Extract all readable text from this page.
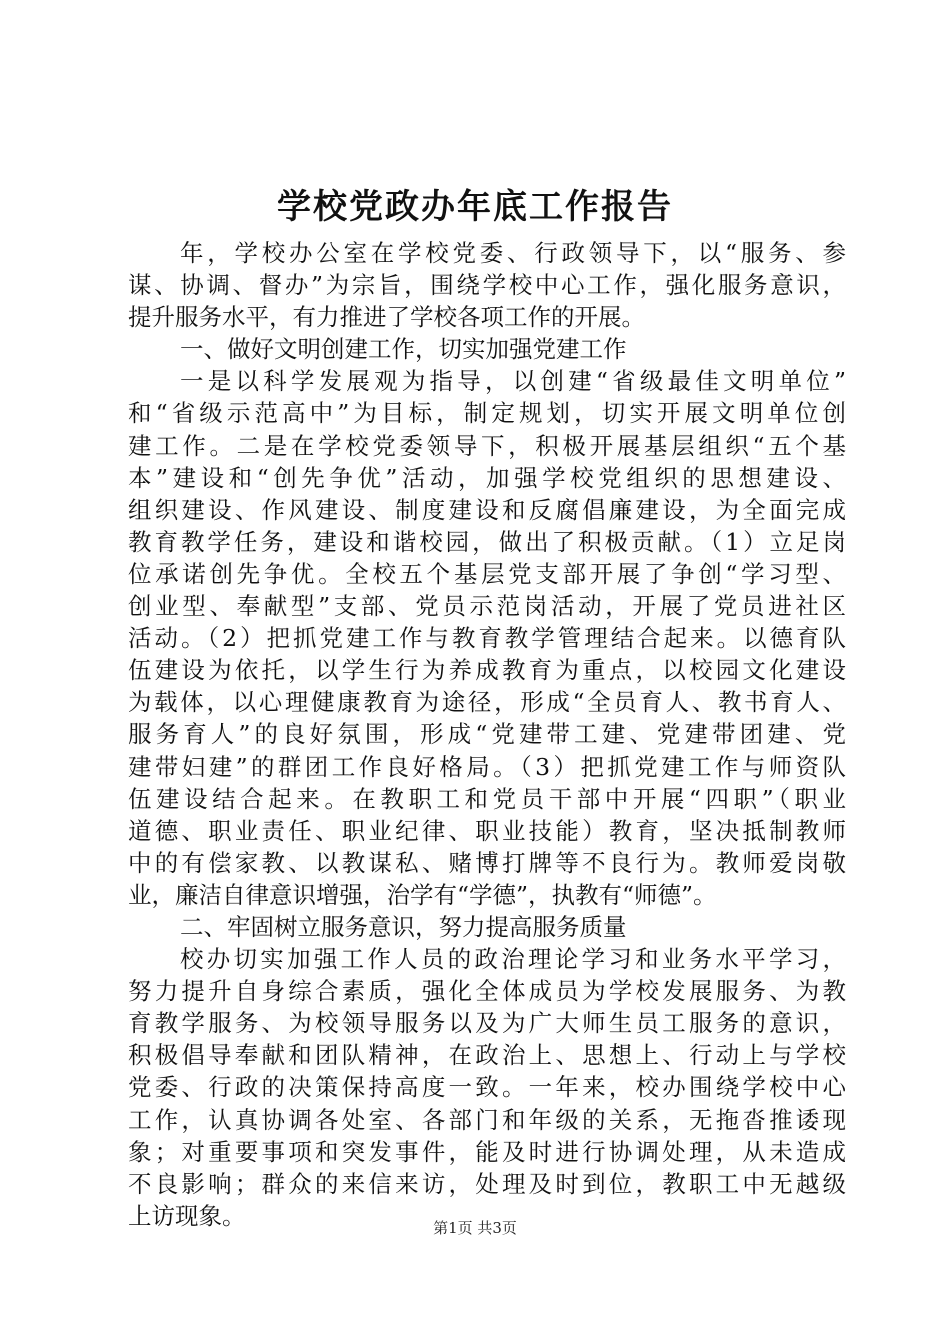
学校党政办年底工作报告
年，学校办公室在学校党委、行政领导下，以“服务、参
谋、协调、督办”为宗旨，围绕学校中心工作，强化服务意识，
提升服务水平，有力推进了学校各项工作的开展。
一、做好文明创建工作，切实加强党建工作
一是以科学发展观为指导，以创建“省级最佳文明单位”
和“省级示范高中”为目标，制定规划，切实开展文明单位创
建工作。二是在学校党委领导下，积极开展基层组织“五个基
本”建设和“创先争优”活动，加强学校党组织的思想建设、
组织建设、作风建设、制度建设和反腐倡廉建设，为全面完成
教育教学任务，建设和谐校园，做出了积极贡献。（1）立足岗
位承诺创先争优。全校五个基层党支部开展了争创“学习型、
创业型、奉献型”支部、党员示范岗活动，开展了党员进社区
活动。（2）把抓党建工作与教育教学管理结合起来。以德育队
伍建设为依托，以学生行为养成教育为重点，以校园文化建设
为载体，以心理健康教育为途径，形成“全员育人、教书育人、
服务育人”的良好氛围，形成“党建带工建、党建带团建、党
建带妇建”的群团工作良好格局。（3）把抓党建工作与师资队
伍建设结合起来。在教职工和党员干部中开展“四职”（职业
道德、职业责任、职业纪律、职业技能）教育，坚决抵制教师
中的有偿家教、以教谋私、赌博打牌等不良行为。教师爱岗敬
业，廉洁自律意识增强，治学有“学德”，执教有“师德”。
二、牢固树立服务意识，努力提高服务质量
校办切实加强工作人员的政治理论学习和业务水平学习，
努力提升自身综合素质，强化全体成员为学校发展服务、为教
育教学服务、为校领导服务以及为广大师生员工服务的意识，
积极倡导奉献和团队精神，在政治上、思想上、行动上与学校
党委、行政的决策保持高度一致。一年来，校办围绕学校中心
工作，认真协调各处室、各部门和年级的关系，无拖沓推诿现
象；对重要事项和突发事件，能及时进行协调处理，从未造成
不良影响；群众的来信来访，处理及时到位，教职工中无越级
上访现象。	第1页 共3页
